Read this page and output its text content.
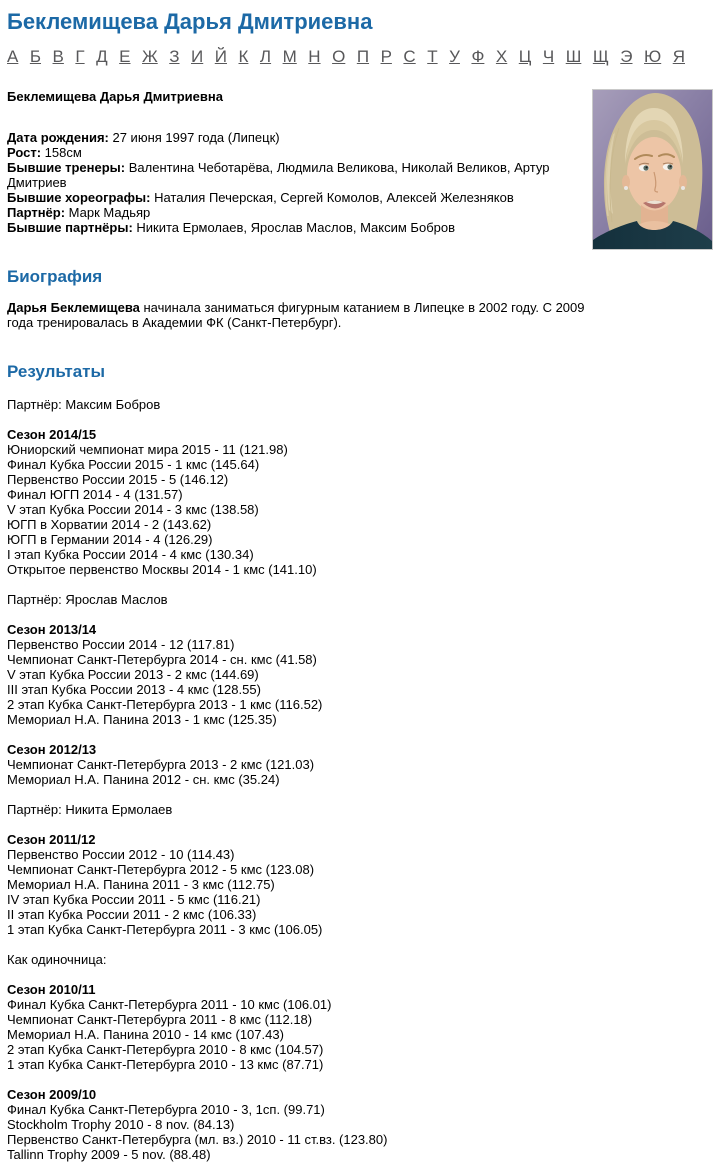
Беклемищева Дарья Дмитриевна
А Б В Г Д Е Ж З И Й К Л М Н О П Р С Т У Ф Х Ц Ч Ш Щ Э Ю Я

Беклемищева Дарья Дмитриевна

Дата рождения: 27 июня 1997 года (Липецк)
Рост: 158см
Бывшие тренеры: Валентина Чеботарёва, Людмила Великова, Николай Великов, Артур Дмитриев
Бывшие хореографы: Наталия Печерская, Сергей Комолов, Алексей Железняков
Партнёр: Марк Мадьяр
Бывшие партнёры: Никита Ермолаев, Ярослав Маслов, Максим Бобров
Биография

Дарья Беклемищева начинала заниматься фигурным катанием в Липецке в 2002 году. С 2009 года тренировалась в Академии ФК (Санкт-Петербург).

Результаты

Партнёр: Максим Бобров

Сезон 2014/15
Юниорский чемпионат мира 2015 - 11 (121.98)
Финал Кубка России 2015 - 1 кмс (145.64)
Первенство России 2015 - 5 (146.12)
Финал ЮГП 2014 - 4 (131.57)
V этап Кубка России 2014 - 3 кмс (138.58)
ЮГП в Хорватии 2014 - 2 (143.62)
ЮГП в Германии 2014 - 4 (126.29)
I этап Кубка России 2014 - 4 кмс (130.34)
Открытое первенство Москвы 2014 - 1 кмс (141.10)

Партнёр: Ярослав Маслов

Сезон 2013/14
Первенство России 2014 - 12 (117.81)
Чемпионат Санкт-Петербурга 2014 - сн. кмс (41.58)
V этап Кубка России 2013 - 2 кмс (144.69)
III этап Кубка России 2013 - 4 кмс (128.55)
2 этап Кубка Санкт-Петербурга 2013 - 1 кмс (116.52)
Мемориал Н.А. Панина 2013 - 1 кмс (125.35)

Сезон 2012/13
Чемпионат Санкт-Петербурга 2013 - 2 кмс (121.03)
Мемориал Н.А. Панина 2012 - сн. кмс (35.24)

Партнёр: Никита Ермолаев

Сезон 2011/12
Первенство России 2012 - 10 (114.43)
Чемпионат Санкт-Петербурга 2012 - 5 кмс (123.08)
Мемориал Н.А. Панина 2011 - 3 кмс (112.75)
IV этап Кубка России 2011 - 5 кмс (116.21)
II этап Кубка России 2011 - 2 кмс (106.33)
1 этап Кубка Санкт-Петербурга 2011 - 3 кмс (106.05)

Как одиночница:

Сезон 2010/11
Финал Кубка Санкт-Петербурга 2011 - 10 кмс (106.01)
Чемпионат Санкт-Петербурга 2011 - 8 кмс (112.18)
Мемориал Н.А. Панина 2010 - 14 кмс (107.43)
2 этап Кубка Санкт-Петербурга 2010 - 8 кмс (104.57)
1 этап Кубка Санкт-Петербурга 2010 - 13 кмс (87.71)

Сезон 2009/10
Финал Кубка Санкт-Петербурга 2010 - 3, 1сп. (99.71)
Stockholm Trophy 2010 - 8 nov. (84.13)
Первенство Санкт-Петербурга (мл. вз.) 2010 - 11 ст.вз. (123.80)
Tallinn Trophy 2009 - 5 nov. (88.48)
